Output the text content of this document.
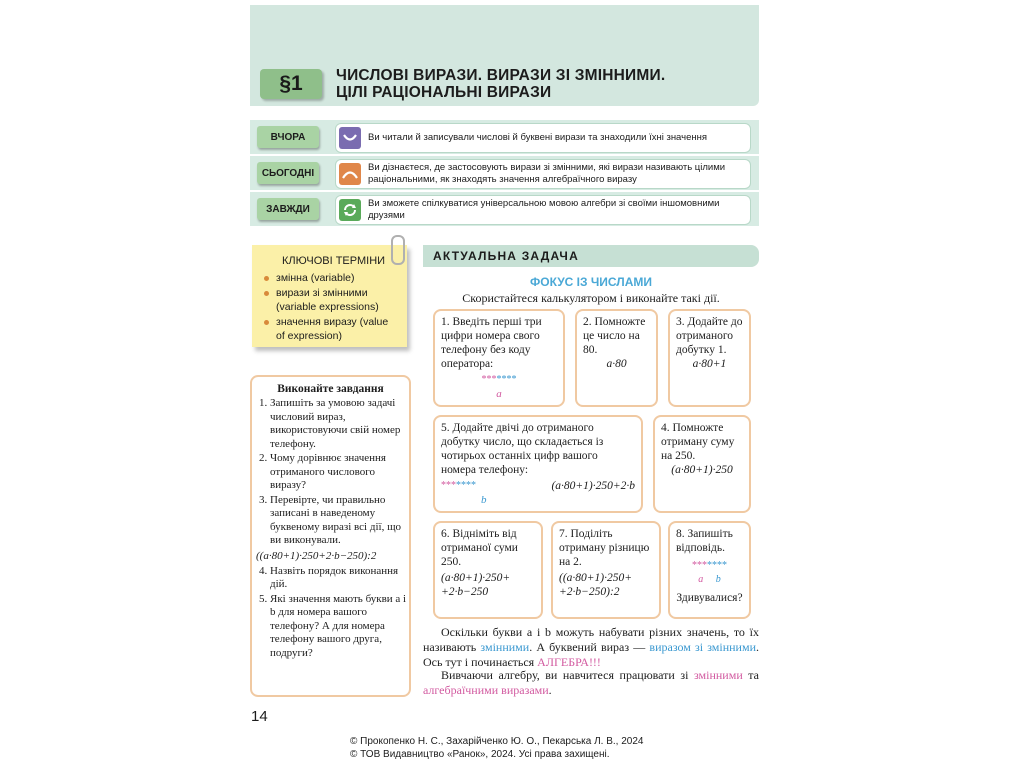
§1	ЧИСЛОВІ ВИРАЗИ. ВИРАЗИ ЗІ ЗМІННИМИ.
ЦІЛІ РАЦІОНАЛЬНІ ВИРАЗИ
ВЧОРА	Ви читали й записували числові й буквені вирази та знаходили їхні значення
СЬОГОДНІ	Ви дізнаєтеся, де застосовують вирази зі змінними, які вирази називають цілими раціональними, як знаходять значення алгебраїчного виразу
ЗАВЖДИ	Ви зможете спілкуватися універсальною мовою алгебри зі своїми іншомовними друзями
КЛЮЧОВІ ТЕРМІНИ
змінна (variable)
вирази зі змінними (variable expressions)
значення виразу (value of expression)
Виконайте завдання
1. Запишіть за умовою задачі числовий вираз, використовуючи свій номер телефону.
2. Чому дорівнює значення отриманого числового виразу?
3. Перевірте, чи правильно записані в наведеному буквеному виразі всі дії, що ви виконували.
((a·80+1)·250+2·b−250):2
4. Назвіть порядок виконання дій.
5. Які значення мають букви a і b для номера вашого телефону? А для номера телефону вашого друга, подруги?
АКТУАЛЬНА ЗАДАЧА
ФОКУС ІЗ ЧИСЛАМИ
Скористайтеся калькулятором і виконайте такі дії.
1. Введіть перші три цифри номера свого телефону без коду оператора:
*******
a
2. Помножте це число на 80.
a·80
3. Додайте до отриманого добутку 1.
a·80+1
5. Додайте двічі до отриманого добутку число, що складається із чотирьох останніх цифр вашого номера телефону:
*******	(a·80+1)·250+2·b
b
4. Помножте отриману суму на 250.
(a·80+1)·250
6. Відніміть від отриманої суми 250.
(a·80+1)·250+
+2·b−250
7. Поділіть отриману різницю на 2.
((a·80+1)·250+
+2·b−250):2
8. Запишіть відповідь.
*******
a b
Здивувалися?
Оскільки букви a і b можуть набувати різних значень, то їх називають змінними. А буквений вираз — виразом зі змінними. Ось тут і починається АЛГЕБРА!!!
Вивчаючи алгебру, ви навчитеся працювати зі змінними та алгебраїчними виразами.
14
© Прокопенко Н. С., Захарійченко Ю. О., Пекарська Л. В., 2024
© ТОВ Видавництво «Ранок», 2024. Усі права захищені.
